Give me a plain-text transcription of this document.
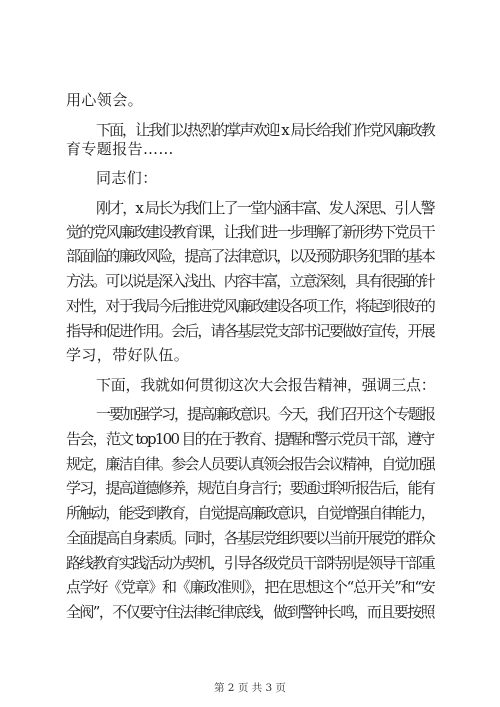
用心领会。
下面，让我们以热烈的掌声欢迎 x 局长给我们作党风廉政教
育专题报告……
同志们：
刚才，x 局长为我们上了一堂内涵丰富、发人深思、引人警
觉的党风廉政建设教育课，让我们进一步理解了新形势下党员干
部面临的廉政风险，提高了法律意识，以及预防职务犯罪的基本
方法。可以说是深入浅出、内容丰富，立意深刻，具有很强的针
对性，对于我局今后推进党风廉政建设各项工作，将起到很好的
指导和促进作用。会后，请各基层党支部书记要做好宣传，开展
学习，带好队伍。
下面，我就如何贯彻这次大会报告精神，强调三点：
一要加强学习，提高廉政意识。今天，我们召开这个专题报
告会，范文 top100 目的在于教育、提醒和警示党员干部，遵守
规定，廉洁自律。参会人员要认真领会报告会议精神，自觉加强
学习，提高道德修养，规范自身言行；要通过聆听报告后，能有
所触动，能受到教育，自觉提高廉政意识，自觉增强自律能力，
全面提高自身素质。同时，各基层党组织要以当前开展党的群众
路线教育实践活动为契机，引导各级党员干部特别是领导干部重
点学好《党章》和《廉政准则》，把在思想这个“总开关”和“安
全阀”，不仅要守住法律纪律底线，做到警钟长鸣，而且要按照
第 2 页 共 3 页
